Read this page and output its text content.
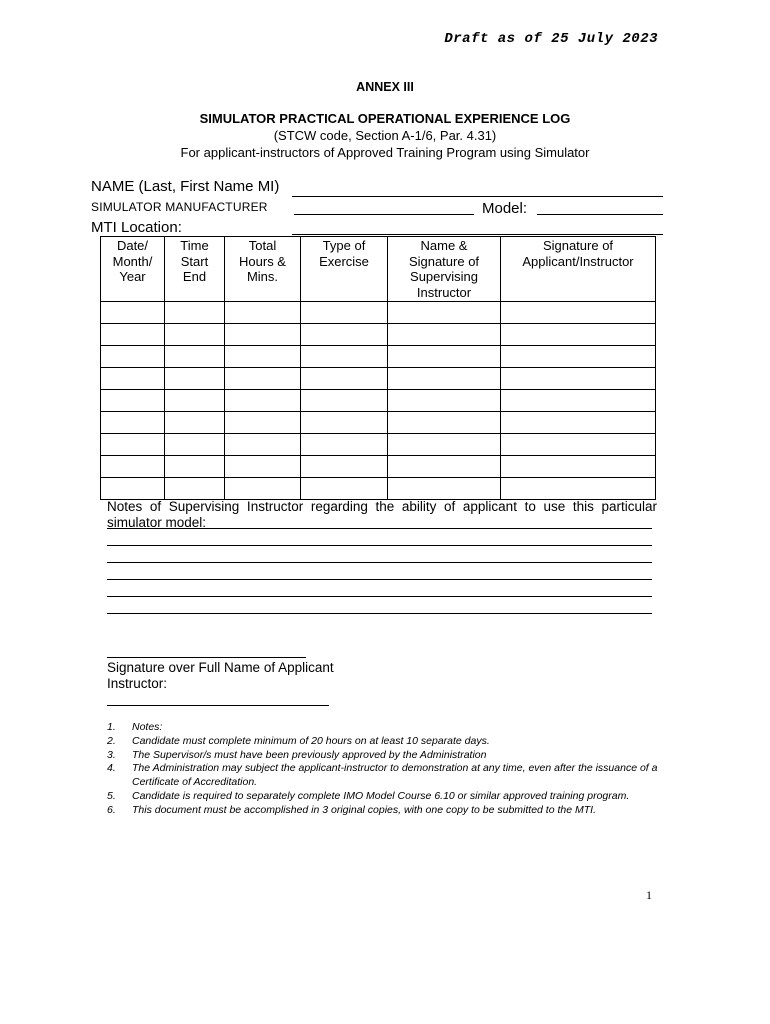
Draft as of 25 July 2023
ANNEX III
SIMULATOR PRACTICAL OPERATIONAL EXPERIENCE LOG
(STCW code, Section A-1/6, Par. 4.31)
For applicant-instructors of Approved Training Program using Simulator
NAME (Last, First Name MI)
SIMULATOR MANUFACTURER	Model:
MTI Location:
Date/
Month/
Year	Time
Start
End	Total
Hours &
Mins.	Type of
Exercise	Name &
Signature of
Supervising
Instructor	Signature of
Applicant/Instructor

Notes of Supervising Instructor regarding the ability of applicant to use this particular simulator model:
Signature over Full Name of Applicant
Instructor:
1.	Notes:
2.	Candidate must complete minimum of 20 hours on at least 10 separate days.
3.	The Supervisor/s must have been previously approved by the Administration
4.	The Administration may subject the applicant-instructor to demonstration at any time, even after the issuance of a Certificate of Accreditation.
5.	Candidate is required to separately complete IMO Model Course 6.10 or similar approved training program.
6.	This document must be accomplished in 3 original copies, with one copy to be submitted to the MTI.
1
